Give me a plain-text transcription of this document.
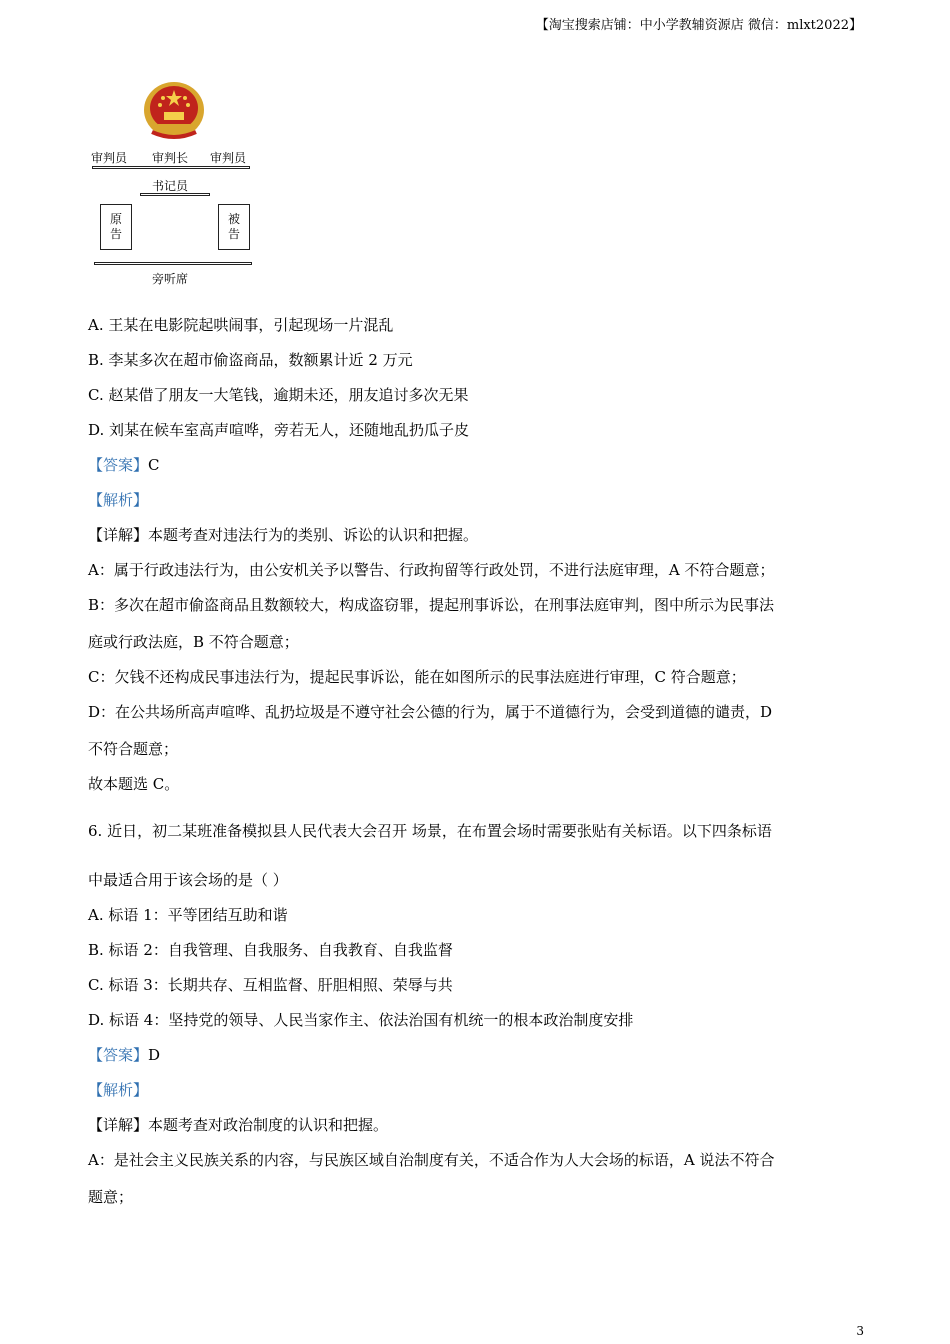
【淘宝搜索店铺：中小学教辅资源店 微信：mlxt2022】
审判员 审判长 审判员
书记员
原
告
被
告
旁听席
A. 王某在电影院起哄闹事，引起现场一片混乱
B. 李某多次在超市偷盗商品，数额累计近 2 万元
C. 赵某借了朋友一大笔钱，逾期未还，朋友追讨多次无果
D. 刘某在候车室高声喧哗，旁若无人，还随地乱扔瓜子皮
【答案】C
【解析】
【详解】本题考查对违法行为的类别、诉讼的认识和把握。
A：属于行政违法行为，由公安机关予以警告、行政拘留等行政处罚，不进行法庭审理，A 不符合题意；
B：多次在超市偷盗商品且数额较大，构成盗窃罪，提起刑事诉讼，在刑事法庭审判，图中所示为民事法
庭或行政法庭，B 不符合题意；
C：欠钱不还构成民事违法行为，提起民事诉讼，能在如图所示的民事法庭进行审理，C 符合题意；
D：在公共场所高声喧哗、乱扔垃圾是不遵守社会公德的行为，属于不道德行为，会受到道德的谴责，D
不符合题意；
故本题选 C。
6. 近日，初二某班准备模拟县人民代表大会召开 场景，在布置会场时需要张贴有关标语。以下四条标语
中最适合用于该会场的是（ ）
A. 标语 1：平等团结互助和谐
B. 标语 2：自我管理、自我服务、自我教育、自我监督
C. 标语 3：长期共存、互相监督、肝胆相照、荣辱与共
D. 标语 4：坚持党的领导、人民当家作主、依法治国有机统一的根本政治制度安排
【答案】D
【解析】
【详解】本题考查对政治制度的认识和把握。
A：是社会主义民族关系的内容，与民族区域自治制度有关，不适合作为人大会场的标语，A 说法不符合
题意；
3
